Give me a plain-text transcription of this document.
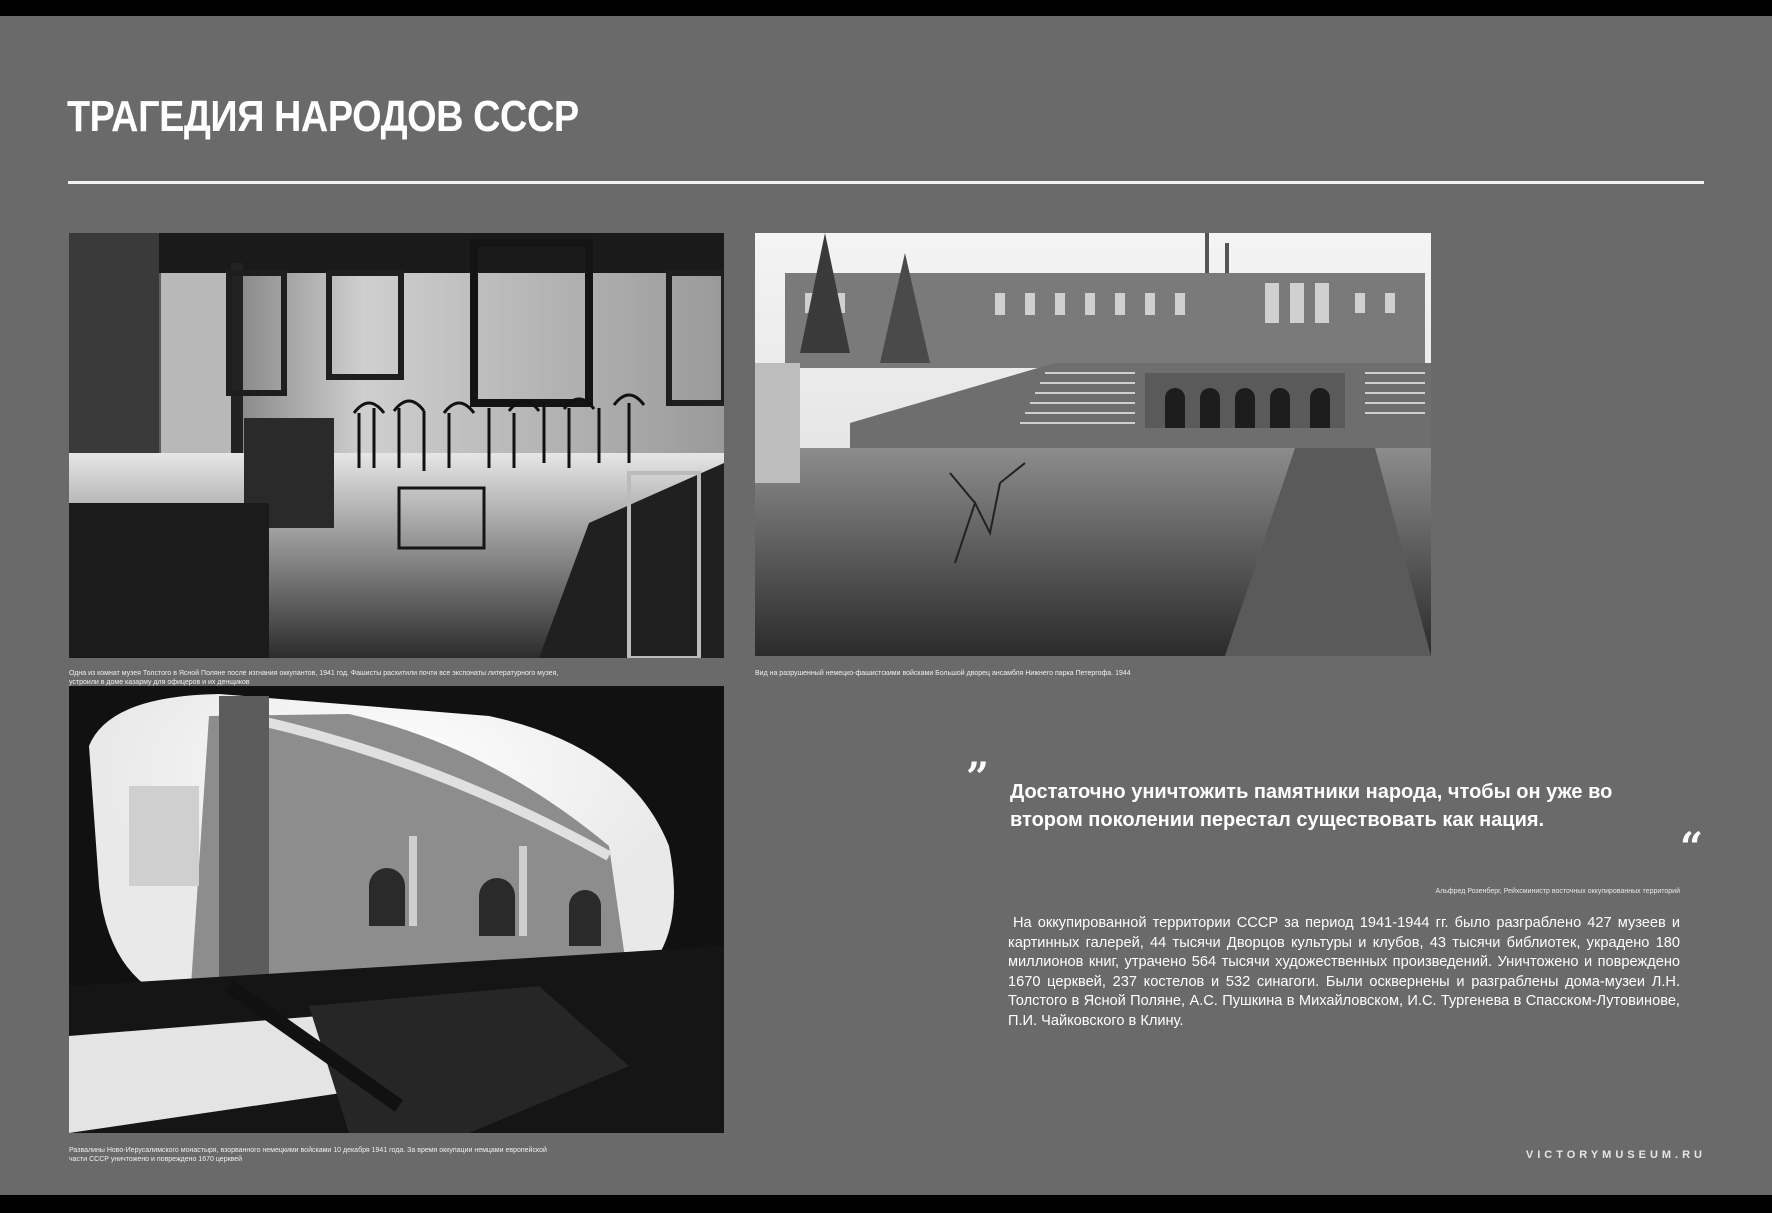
ТРАГЕДИЯ НАРОДОВ СССР

Одна из комнат музея Толстого в Ясной Поляне после изгнания оккупантов, 1941 год. Фашисты расхитили почти все экспонаты литературного музея,
устроили в доме казарму для офицеров и их денщиков

Вид на разрушенный немецко-фашистскими войсками Большой дворец ансамбля Нижнего парка Петергофа. 1944

Развалины Ново-Иерусалимского монастыря, взорванного немецкими войсками 10 декабря 1941 года. За время оккупации немцами европейской
части СССР уничтожено и повреждено 1670 церквей

” Достаточно уничтожить памятники народа, чтобы он уже во втором поколении перестал существовать как нация.

“

Альфред Розенберг, Рейхсминистр восточных оккупированных территорий

На оккупированной территории СССР за период 1941-1944 гг. было разграблено 427 музеев и картинных галерей, 44 тысячи Дворцов культуры и клубов, 43 тысячи библиотек, украдено 180 миллионов книг, утрачено 564 тысячи художественных произведений. Уничтожено и повреждено 1670 церквей, 237 костелов и 532 синагоги. Были осквернены и разграблены дома-музеи Л.Н. Толстого в Ясной Поляне, А.С. Пушкина в Михайловском, И.С. Тургенева в Спасском-Лутовинове, П.И. Чайковского в Клину.

VICTORYMUSEUM.RU
